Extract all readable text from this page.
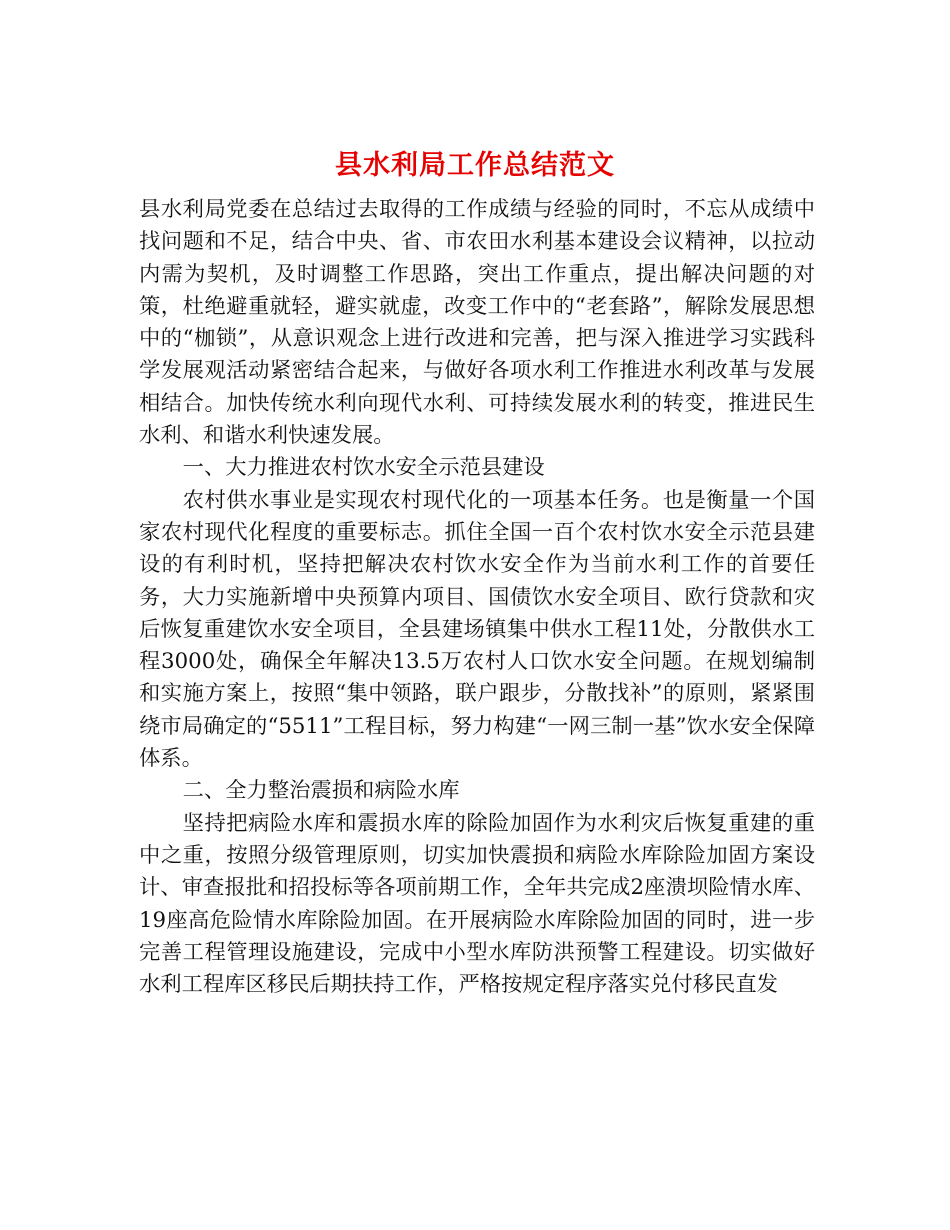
县水利局工作总结范文

县水利局党委在总结过去取得的工作成绩与经验的同时，不忘从成绩中找问题和不足，结合中央、省、市农田水利基本建设会议精神，以拉动内需为契机，及时调整工作思路，突出工作重点，提出解决问题的对策，杜绝避重就轻，避实就虚，改变工作中的“老套路”，解除发展思想中的“枷锁”，从意识观念上进行改进和完善，把与深入推进学习实践科学发展观活动紧密结合起来，与做好各项水利工作推进水利改革与发展相结合。加快传统水利向现代水利、可持续发展水利的转变，推进民生水利、和谐水利快速发展。

一、大力推进农村饮水安全示范县建设

农村供水事业是实现农村现代化的一项基本任务。也是衡量一个国家农村现代化程度的重要标志。抓住全国一百个农村饮水安全示范县建设的有利时机，坚持把解决农村饮水安全作为当前水利工作的首要任务，大力实施新增中央预算内项目、国债饮水安全项目、欧行贷款和灾后恢复重建饮水安全项目，全县建场镇集中供水工程11处，分散供水工程3000处，确保全年解决13.5万农村人口饮水安全问题。在规划编制和实施方案上，按照“集中领路，联户跟步，分散找补”的原则，紧紧围绕市局确定的“5511”工程目标，努力构建“一网三制一基”饮水安全保障体系。

二、全力整治震损和病险水库

坚持把病险水库和震损水库的除险加固作为水利灾后恢复重建的重中之重，按照分级管理原则，切实加快震损和病险水库除险加固方案设计、审查报批和招投标等各项前期工作，全年共完成2座溃坝险情水库、19座高危险情水库除险加固。在开展病险水库除险加固的同时，进一步完善工程管理设施建设，完成中小型水库防洪预警工程建设。切实做好水利工程库区移民后期扶持工作，严格按规定程序落实兑付移民直发
